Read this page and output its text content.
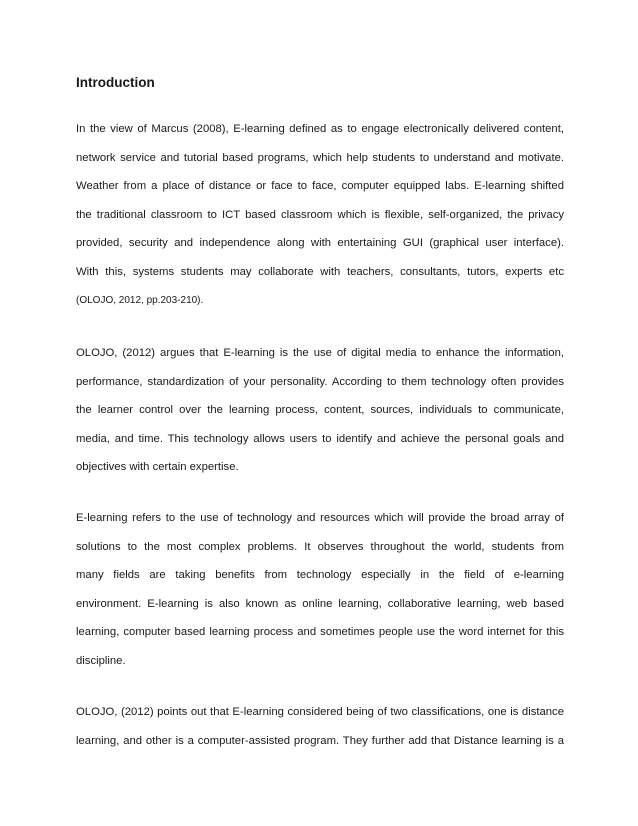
Introduction
In the view of Marcus (2008), E-learning defined as to engage electronically delivered content,
network service and tutorial based programs, which help students to understand and motivate.
Weather from a place of distance or face to face, computer equipped labs. E-learning shifted
the traditional classroom to ICT based classroom which is flexible, self-organized, the privacy
provided, security and independence along with entertaining GUI (graphical user interface).
With this, systems students may collaborate with teachers, consultants, tutors, experts etc
(OLOJO, 2012, pp.203-210).
OLOJO, (2012) argues that E-learning is the use of digital media to enhance the information,
performance, standardization of your personality. According to them technology often provides
the learner control over the learning process, content, sources, individuals to communicate,
media, and time. This technology allows users to identify and achieve the personal goals and
objectives with certain expertise.
E-learning refers to the use of technology and resources which will provide the broad array of
solutions to the most complex problems. It observes throughout the world, students from
many fields are taking benefits from technology especially in the field of e-learning
environment. E-learning is also known as online learning, collaborative learning, web based
learning, computer based learning process and sometimes people use the word internet for this
discipline.
OLOJO, (2012) points out that E-learning considered being of two classifications, one is distance
learning, and other is a computer-assisted program. They further add that Distance learning is a
